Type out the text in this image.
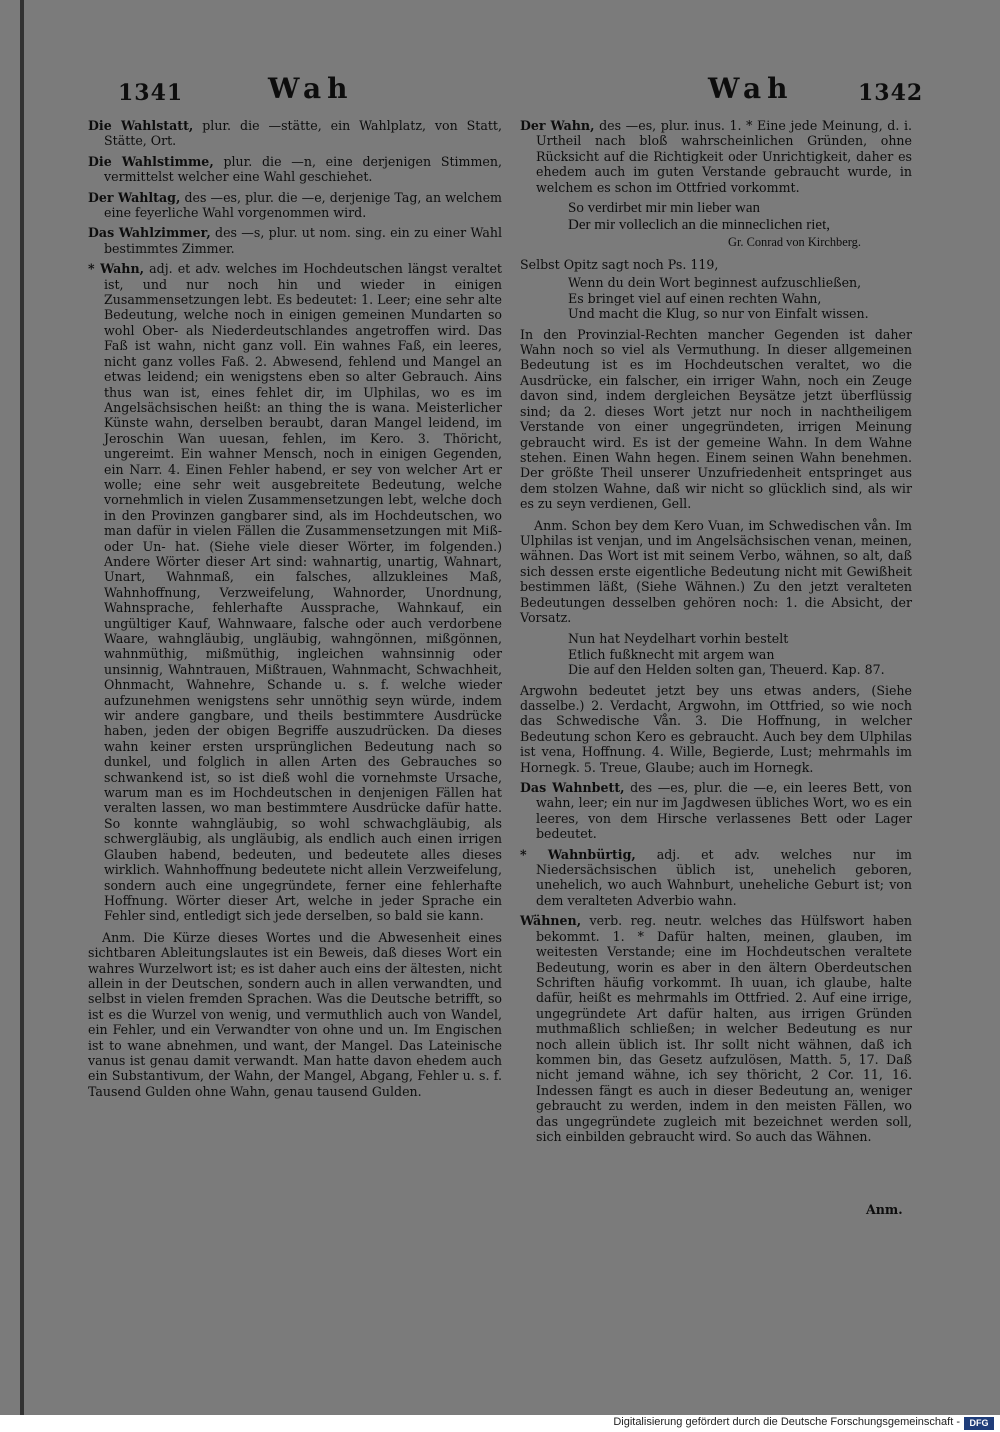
1341	Wah	Wah	1342
Die Wahlstatt, plur. die —stätte, ein Wahlplatz, von Statt, Stätte, Ort.
Die Wahlstimme, plur. die —n, eine derjenigen Stimmen, vermittelst welcher eine Wahl geschiehet.
Der Wahltag, des —es, plur. die —e, derjenige Tag, an welchem eine feyerliche Wahl vorgenommen wird.
Das Wahlzimmer, des —s, plur. ut nom. sing. ein zu einer Wahl bestimmtes Zimmer.
* Wahn, adj. et adv. welches im Hochdeutschen längst veraltet ist, und nur noch hin und wieder in einigen Zusammensetzungen lebt. Es bedeutet: 1. Leer; eine sehr alte Bedeutung, welche noch in einigen gemeinen Mundarten so wohl Ober- als Niederdeutschlandes angetroffen wird. Das Faß ist wahn, nicht ganz voll. Ein wahnes Faß, ein leeres, nicht ganz volles Faß. 2. Abwesend, fehlend und Mangel an etwas leidend; ein wenigstens eben so alter Gebrauch. Ains thus wan ist, eines fehlet dir, im Ulphilas, wo es im Angelsächsischen heißt: an thing the is wana. Meisterlicher Künste wahn, derselben beraubt, daran Mangel leidend, im Jeroschin Wan uuesan, fehlen, im Kero. 3. Thöricht, ungereimt. Ein wahner Mensch, noch in einigen Gegenden, ein Narr. 4. Einen Fehler habend, er sey von welcher Art er wolle; eine sehr weit ausgebreitete Bedeutung, welche vornehmlich in vielen Zusammensetzungen lebt, welche doch in den Provinzen gangbarer sind, als im Hochdeutschen, wo man dafür in vielen Fällen die Zusammensetzungen mit Miß- oder Un- hat. (Siehe viele dieser Wörter, im folgenden.) Andere Wörter dieser Art sind: wahnartig, unartig, Wahnart, Unart, Wahnmaß, ein falsches, allzukleines Maß, Wahnhoffnung, Verzweifelung, Wahnorder, Unordnung, Wahnsprache, fehlerhafte Aussprache, Wahnkauf, ein ungültiger Kauf, Wahnwaare, falsche oder auch verdorbene Waare, wahngläubig, ungläubig, wahngönnen, mißgönnen, wahnmüthig, mißmüthig, ingleichen wahnsinnig oder unsinnig, Wahntrauen, Mißtrauen, Wahnmacht, Schwachheit, Ohnmacht, Wahnehre, Schande u. s. f. welche wieder aufzunehmen wenigstens sehr unnöthig seyn würde, indem wir andere gangbare, und theils bestimmtere Ausdrücke haben, jeden der obigen Begriffe auszudrücken. Da dieses wahn keiner ersten ursprünglichen Bedeutung nach so dunkel, und folglich in allen Arten des Gebrauches so schwankend ist, so ist dieß wohl die vornehmste Ursache, warum man es im Hochdeutschen in denjenigen Fällen hat veralten lassen, wo man bestimmtere Ausdrücke dafür hatte. So konnte wahngläubig, so wohl schwachgläubig, als schwergläubig, als ungläubig, als endlich auch einen irrigen Glauben habend, bedeuten, und bedeutete alles dieses wirklich. Wahnhoffnung bedeutete nicht allein Verzweifelung, sondern auch eine ungegründete, ferner eine fehlerhafte Hoffnung. Wörter dieser Art, welche in jeder Sprache ein Fehler sind, entledigt sich jede derselben, so bald sie kann.
Anm. Die Kürze dieses Wortes und die Abwesenheit eines sichtbaren Ableitungslautes ist ein Beweis, daß dieses Wort ein wahres Wurzelwort ist; es ist daher auch eins der ältesten, nicht allein in der Deutschen, sondern auch in allen verwandten, und selbst in vielen fremden Sprachen. Was die Deutsche betrifft, so ist es die Wurzel von wenig, und vermuthlich auch von Wandel, ein Fehler, und ein Verwandter von ohne und un. Im Engischen ist to wane abnehmen, und want, der Mangel. Das Lateinische vanus ist genau damit verwandt. Man hatte davon ehedem auch ein Substantivum, der Wahn, der Mangel, Abgang, Fehler u. s. f. Tausend Gulden ohne Wahn, genau tausend Gulden.
Der Wahn, des —es, plur. inus. 1. * Eine jede Meinung, d. i. Urtheil nach bloß wahrscheinlichen Gründen, ohne Rücksicht auf die Richtigkeit oder Unrichtigkeit, daher es ehedem auch im guten Verstande gebraucht wurde, in welchem es schon im Ottfried vorkommt.
So verdirbet mir min lieber wan
Der mir volleclich an die minneclichen riet,
Gr. Conrad von Kirchberg.
Selbst Opitz sagt noch Ps. 119,
Wenn du dein Wort beginnest aufzuschließen,
Es bringet viel auf einen rechten Wahn,
Und macht die Klug, so nur von Einfalt wissen.
In den Provinzial-Rechten mancher Gegenden ist daher Wahn noch so viel als Vermuthung. In dieser allgemeinen Bedeutung ist es im Hochdeutschen veraltet, wo die Ausdrücke, ein falscher, ein irriger Wahn, noch ein Zeuge davon sind, indem dergleichen Beysätze jetzt überflüssig sind; da 2. dieses Wort jetzt nur noch in nachtheiligem Verstande von einer ungegründeten, irrigen Meinung gebraucht wird. Es ist der gemeine Wahn. In dem Wahne stehen. Einen Wahn hegen. Einem seinen Wahn benehmen. Der größte Theil unserer Unzufriedenheit entspringet aus dem stolzen Wahne, daß wir nicht so glücklich sind, als wir es zu seyn verdienen, Gell.
Anm. Schon bey dem Kero Vuan, im Schwedischen vån. Im Ulphilas ist venjan, und im Angelsächsischen venan, meinen, wähnen. Das Wort ist mit seinem Verbo, wähnen, so alt, daß sich dessen erste eigentliche Bedeutung nicht mit Gewißheit bestimmen läßt, (Siehe Wähnen.) Zu den jetzt veralteten Bedeutungen desselben gehören noch: 1. die Absicht, der Vorsatz.
Nun hat Neydelhart vorhin bestelt
Etlich fußknecht mit argem wan
Die auf den Helden solten gan, Theuerd. Kap. 87.
Argwohn bedeutet jetzt bey uns etwas anders, (Siehe dasselbe.) 2. Verdacht, Argwohn, im Ottfried, so wie noch das Schwedische Vån. 3. Die Hoffnung, in welcher Bedeutung schon Kero es gebraucht. Auch bey dem Ulphilas ist vena, Hoffnung. 4. Wille, Begierde, Lust; mehrmahls im Hornegk. 5. Treue, Glaube; auch im Hornegk.
Das Wahnbett, des —es, plur. die —e, ein leeres Bett, von wahn, leer; ein nur im Jagdwesen übliches Wort, wo es ein leeres, von dem Hirsche verlassenes Bett oder Lager bedeutet.
* Wahnbürtig, adj. et adv. welches nur im Niedersächsischen üblich ist, unehelich geboren, unehelich, wo auch Wahnburt, uneheliche Geburt ist; von dem veralteten Adverbio wahn.
Wähnen, verb. reg. neutr. welches das Hülfswort haben bekommt. 1. * Dafür halten, meinen, glauben, im weitesten Verstande; eine im Hochdeutschen veraltete Bedeutung, worin es aber in den ältern Oberdeutschen Schriften häufig vorkommt. Ih uuan, ich glaube, halte dafür, heißt es mehrmahls im Ottfried. 2. Auf eine irrige, ungegründete Art dafür halten, aus irrigen Gründen muthmaßlich schließen; in welcher Bedeutung es nur noch allein üblich ist. Ihr sollt nicht wähnen, daß ich kommen bin, das Gesetz aufzulösen, Matth. 5, 17. Daß nicht jemand wähne, ich sey thöricht, 2 Cor. 11, 16. Indessen fängt es auch in dieser Bedeutung an, weniger gebraucht zu werden, indem in den meisten Fällen, wo das ungegründete zugleich mit bezeichnet werden soll, sich einbilden gebraucht wird. So auch das Wähnen.
Anm.
Digitalisierung gefördert durch die Deutsche Forschungsgemeinschaft -	DFG
